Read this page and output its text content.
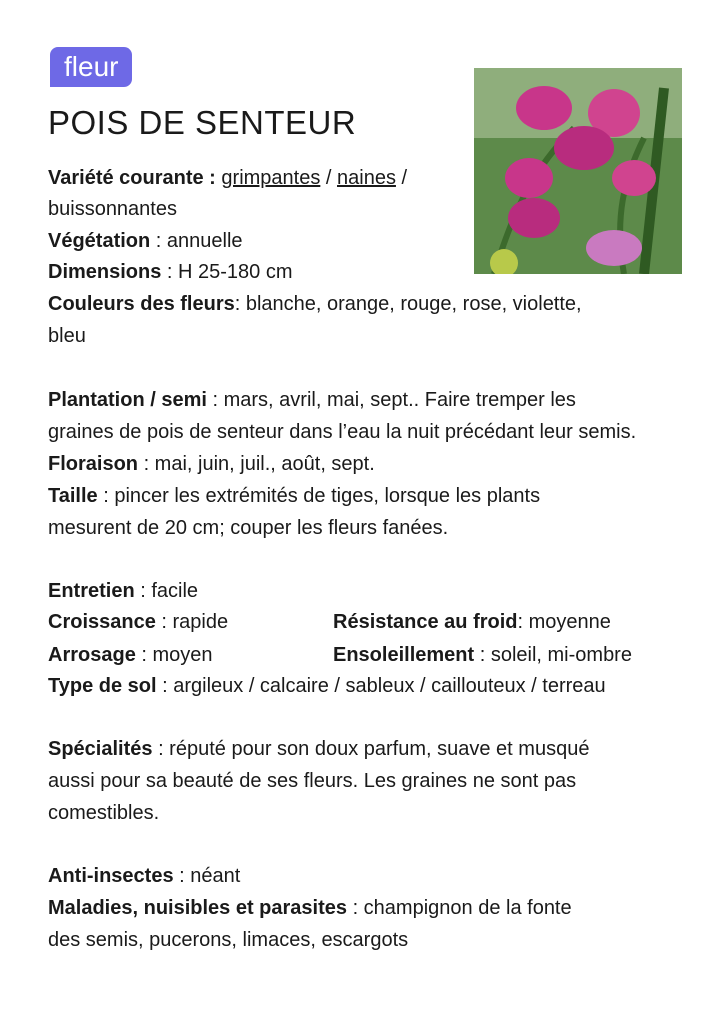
fleur
POIS DE SENTEUR
Variété courante : grimpantes / naines /
buissonnantes
Végétation : annuelle
Dimensions : H 25-180 cm
Couleurs des fleurs: blanche, orange, rouge, rose, violette,
bleu
Plantation / semi : mars, avril, mai, sept.. Faire tremper les
graines de pois de senteur dans l’eau la nuit précédant leur semis.
Floraison : mai, juin, juil., août, sept.
Taille : pincer les extrémités de tiges, lorsque les plants
mesurent de 20 cm; couper les fleurs fanées.
Entretien : facile
Croissance : rapide	Résistance au froid: moyenne
Arrosage : moyen	Ensoleillement : soleil, mi-ombre
Type de sol : argileux / calcaire / sableux / caillouteux / terreau
Spécialités : réputé pour son doux parfum, suave et musqué
aussi pour sa beauté de ses fleurs. Les graines ne sont pas
comestibles.
Anti-insectes : néant
Maladies, nuisibles et parasites : champignon de la fonte
des semis, pucerons, limaces, escargots
